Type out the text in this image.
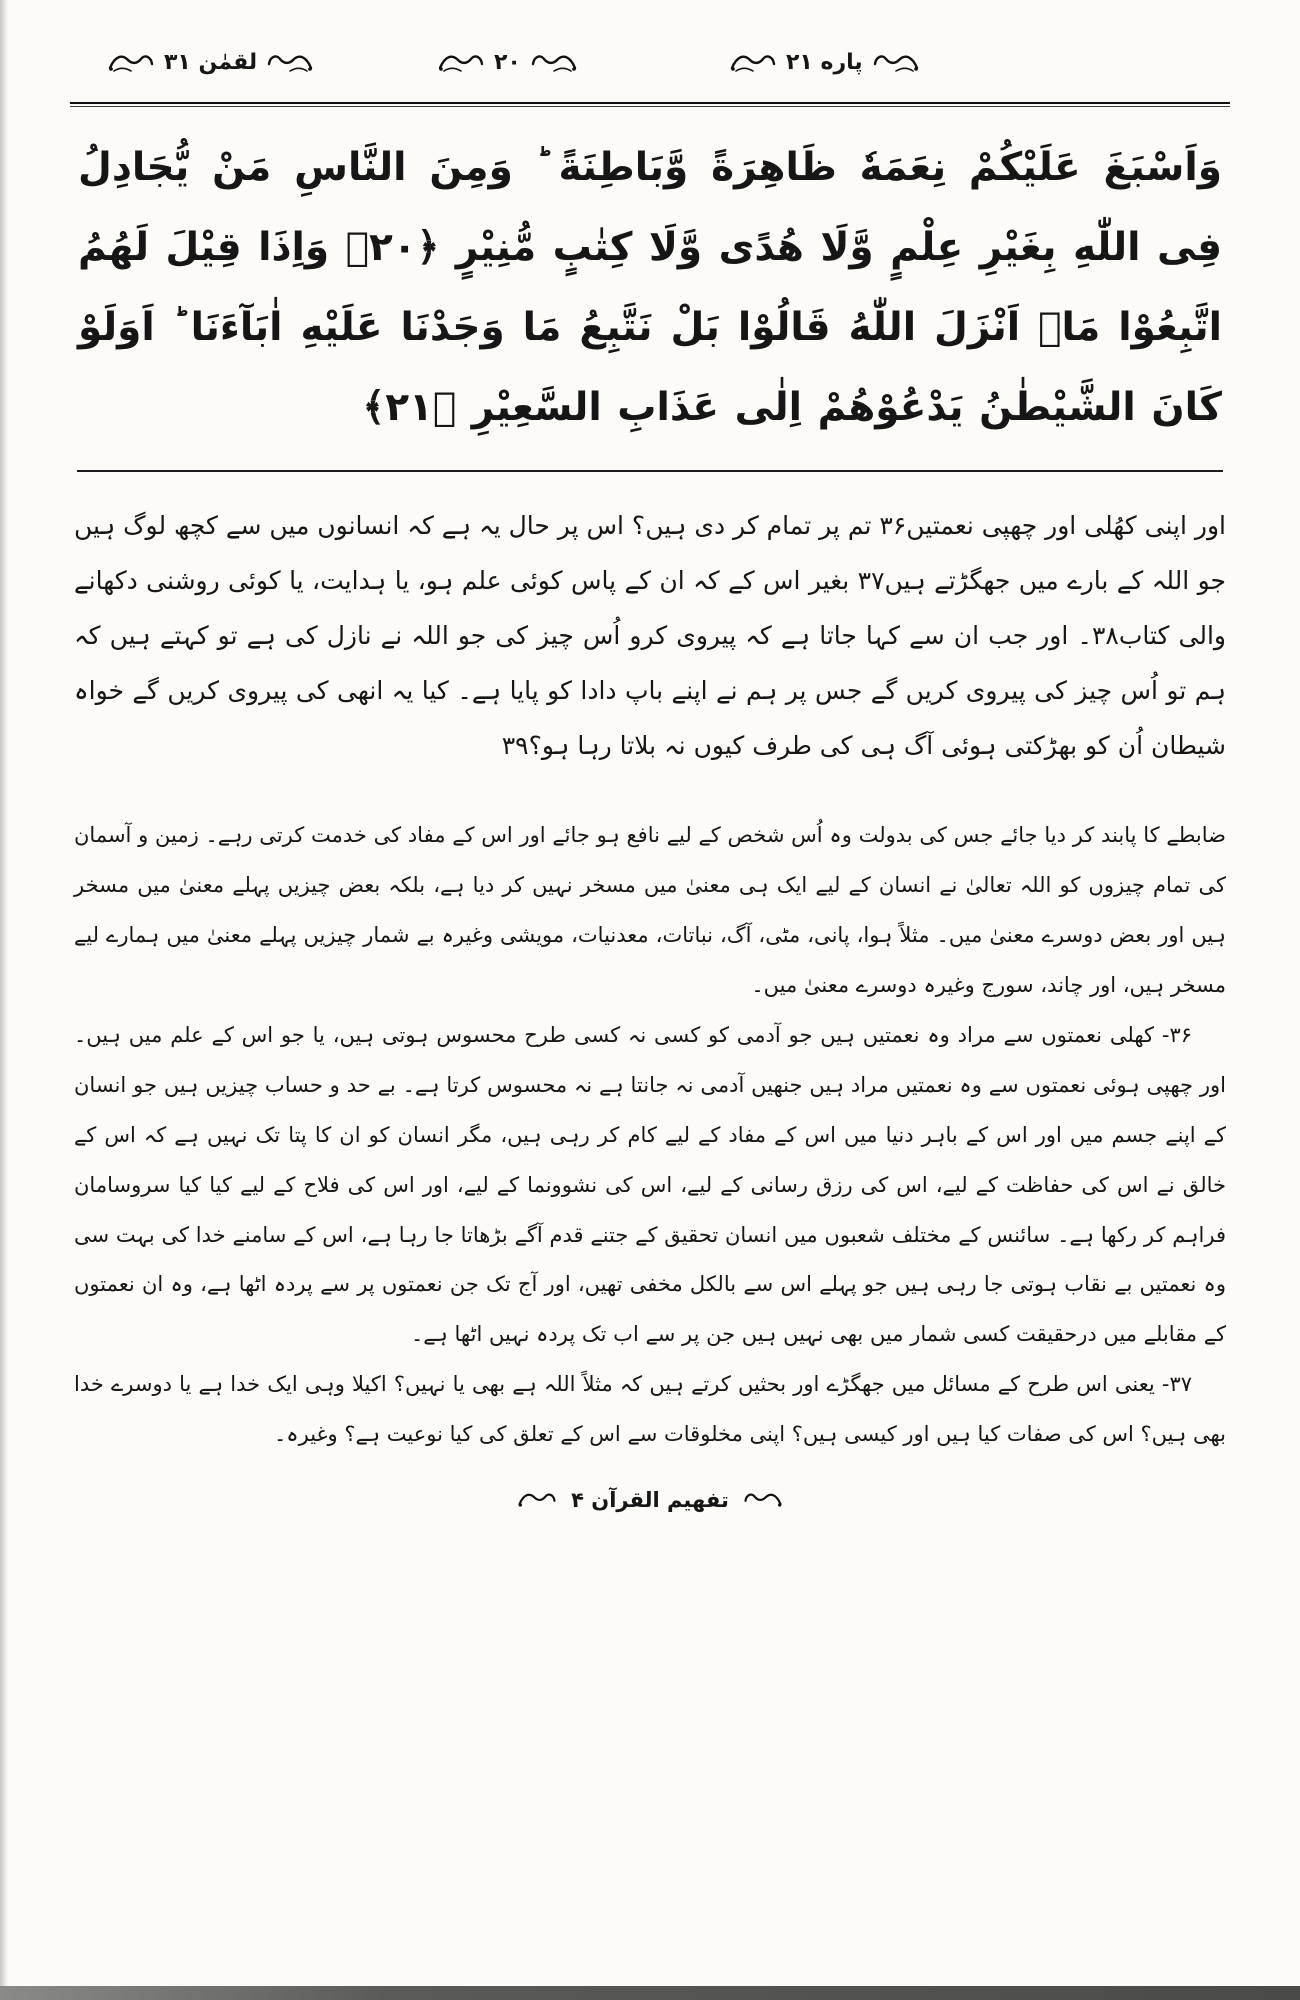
لقمٰن ۳۱	۲۰	پاره ۲۱
وَاَسْبَغَ عَلَیْكُمْ نِعَمَهٗ ظَاهِرَةً وَّبَاطِنَةً ؕ وَمِنَ النَّاسِ مَنْ یُّجَادِلُ فِی اللّٰهِ بِغَیْرِ عِلْمٍ وَّلَا هُدًی وَّلَا كِتٰبٍ مُّنِیْرٍ ﴿۲۰﴾ وَاِذَا قِیْلَ لَهُمُ اتَّبِعُوْا مَاۤ اَنْزَلَ اللّٰهُ قَالُوْا بَلْ نَتَّبِعُ مَا وَجَدْنَا عَلَیْهِ اٰبَآءَنَا ؕ اَوَلَوْ كَانَ الشَّیْطٰنُ یَدْعُوْهُمْ اِلٰی عَذَابِ السَّعِیْرِ ﴿۲۱﴾
اور اپنی کھُلی اور چھپی نعمتیں۳۶ تم پر تمام کر دی ہیں؟ اس پر حال یہ ہے کہ انسانوں میں سے کچھ لوگ ہیں جو اللہ کے بارے میں جھگڑتے ہیں۳۷ بغیر اس کے کہ ان کے پاس کوئی علم ہو، یا ہدایت، یا کوئی روشنی دکھانے والی کتاب۳۸۔ اور جب ان سے کہا جاتا ہے کہ پیروی کرو اُس چیز کی جو اللہ نے نازل کی ہے تو کہتے ہیں کہ ہم تو اُس چیز کی پیروی کریں گے جس پر ہم نے اپنے باپ دادا کو پایا ہے۔ کیا یہ انھی کی پیروی کریں گے خواہ شیطان اُن کو بھڑکتی ہوئی آگ ہی کی طرف کیوں نہ بلاتا رہا ہو؟۳۹

ضابطے کا پابند کر دیا جائے جس کی بدولت وہ اُس شخص کے لیے نافع ہو جائے اور اس کے مفاد کی خدمت کرتی رہے۔ زمین و آسمان کی تمام چیزوں کو اللہ تعالیٰ نے انسان کے لیے ایک ہی معنیٰ میں مسخر نہیں کر دیا ہے، بلکہ بعض چیزیں پہلے معنیٰ میں مسخر ہیں اور بعض دوسرے معنیٰ میں۔ مثلاً ہوا، پانی، مٹی، آگ، نباتات، معدنیات، مویشی وغیرہ بے شمار چیزیں پہلے معنیٰ میں ہمارے لیے مسخر ہیں، اور چاند، سورج وغیرہ دوسرے معنیٰ میں۔

۳۶- کھلی نعمتوں سے مراد وہ نعمتیں ہیں جو آدمی کو کسی نہ کسی طرح محسوس ہوتی ہیں، یا جو اس کے علم میں ہیں۔ اور چھپی ہوئی نعمتوں سے وہ نعمتیں مراد ہیں جنھیں آدمی نہ جانتا ہے نہ محسوس کرتا ہے۔ بے حد و حساب چیزیں ہیں جو انسان کے اپنے جسم میں اور اس کے باہر دنیا میں اس کے مفاد کے لیے کام کر رہی ہیں، مگر انسان کو ان کا پتا تک نہیں ہے کہ اس کے خالق نے اس کی حفاظت کے لیے، اس کی رزق رسانی کے لیے، اس کی نشوونما کے لیے، اور اس کی فلاح کے لیے کیا کیا سروسامان فراہم کر رکھا ہے۔ سائنس کے مختلف شعبوں میں انسان تحقیق کے جتنے قدم آگے بڑھاتا جا رہا ہے، اس کے سامنے خدا کی بہت سی وہ نعمتیں بے نقاب ہوتی جا رہی ہیں جو پہلے اس سے بالکل مخفی تھیں، اور آج تک جن نعمتوں پر سے پردہ اٹھا ہے، وہ ان نعمتوں کے مقابلے میں درحقیقت کسی شمار میں بھی نہیں ہیں جن پر سے اب تک پردہ نہیں اٹھا ہے۔

۳۷- یعنی اس طرح کے مسائل میں جھگڑے اور بحثیں کرتے ہیں کہ مثلاً اللہ ہے بھی یا نہیں؟ اکیلا وہی ایک خدا ہے یا دوسرے خدا بھی ہیں؟ اس کی صفات کیا ہیں اور کیسی ہیں؟ اپنی مخلوقات سے اس کے تعلق کی کیا نوعیت ہے؟ وغیرہ۔

تفهیم القرآن ۴
